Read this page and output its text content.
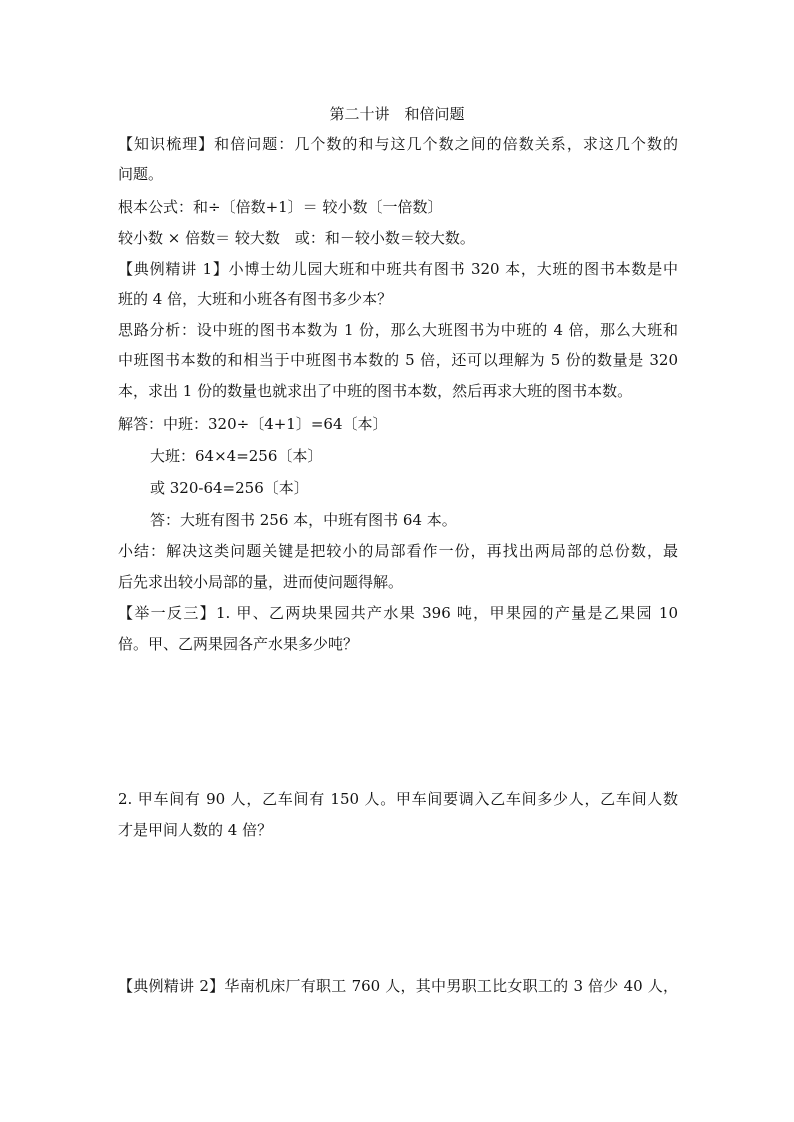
第二十讲　和倍问题
【知识梳理】和倍问题：几个数的和与这几个数之间的倍数关系，求这几个数的
问题。
根本公式：和÷〔倍数+1〕＝ 较小数〔一倍数〕
较小数 × 倍数＝ 较大数　或：和－较小数＝较大数。
【典例精讲 1】小博士幼儿园大班和中班共有图书 320 本，大班的图书本数是中
班的 4 倍，大班和小班各有图书多少本？
思路分析：设中班的图书本数为 1 份，那么大班图书为中班的 4 倍，那么大班和
中班图书本数的和相当于中班图书本数的 5 倍，还可以理解为 5 份的数量是 320
本，求出 1 份的数量也就求出了中班的图书本数，然后再求大班的图书本数。
解答：中班：320÷〔4+1〕=64〔本〕
大班：64×4=256〔本〕
或 320-64=256〔本〕
答：大班有图书 256 本，中班有图书 64 本。
小结：解决这类问题关键是把较小的局部看作一份，再找出两局部的总份数，最
后先求出较小局部的量，进而使问题得解。
【举一反三】1. 甲、乙两块果园共产水果 396 吨，甲果园的产量是乙果园 10
倍。甲、乙两果园各产水果多少吨？
2. 甲车间有 90 人，乙车间有 150 人。甲车间要调入乙车间多少人，乙车间人数
才是甲间人数的 4 倍？
【典例精讲 2】华南机床厂有职工 760 人，其中男职工比女职工的 3 倍少 40 人，
